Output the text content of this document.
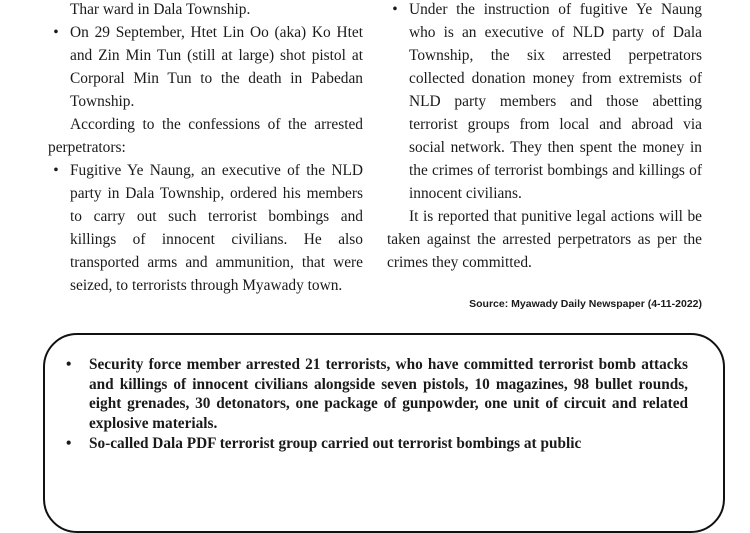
Thar ward in Dala Township.
• On 29 September, Htet Lin Oo (aka) Ko Htet and Zin Min Tun (still at large) shot pistol at Corporal Min Tun to the death in Pabedan Township.
According to the confessions of the arrested perpetrators:
• Fugitive Ye Naung, an executive of the NLD party in Dala Township, ordered his members to carry out such terrorist bombings and killings of innocent civilians. He also transported arms and ammunition, that were seized, to terrorists through Myawady town.
• Under the instruction of fugitive Ye Naung who is an executive of NLD party of Dala Township, the six arrested perpetrators collected donation money from extremists of NLD party members and those abetting terrorist groups from local and abroad via social network. They then spent the money in the crimes of terrorist bombings and killings of innocent civilians.
It is reported that punitive legal actions will be taken against the arrested perpetrators as per the crimes they committed.
Source: Myawady Daily Newspaper (4-11-2022)
• Security force member arrested 21 terrorists, who have committed terrorist bomb attacks and killings of innocent civilians alongside seven pistols, 10 magazines, 98 bullet rounds, eight grenades, 30 detonators, one package of gunpowder, one unit of circuit and related explosive materials.
• So-called Dala PDF terrorist group carried out terrorist bombings at public
